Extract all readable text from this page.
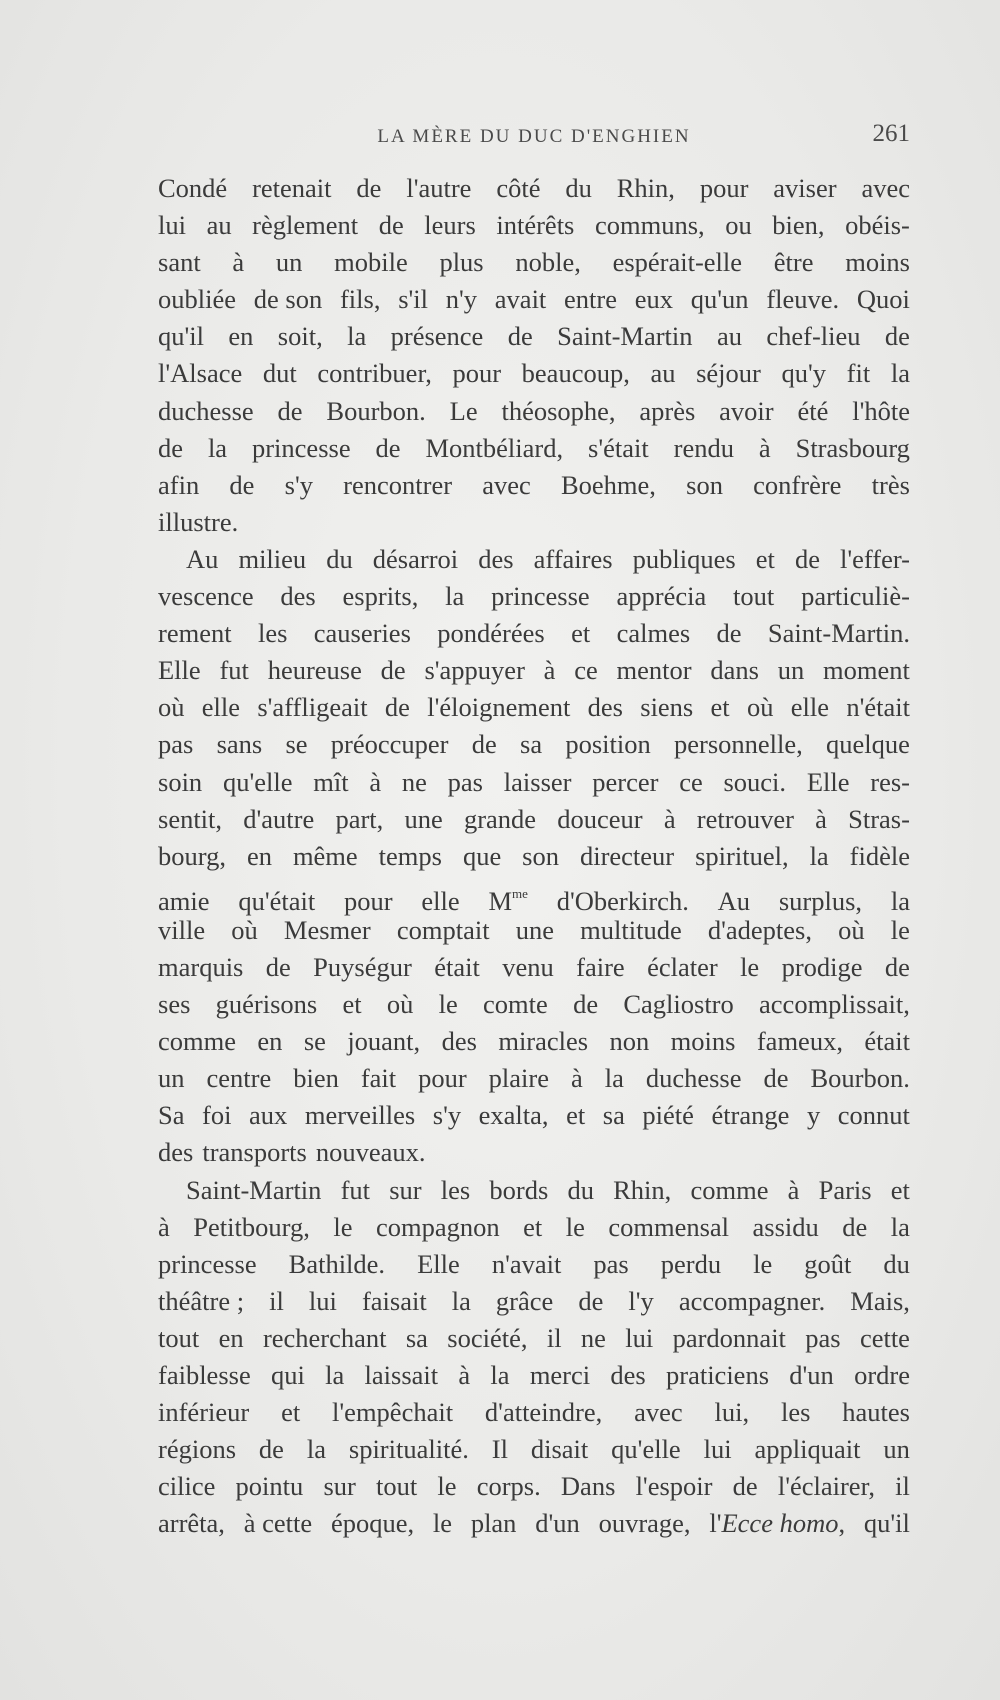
LA MÈRE DU DUC D'ENGHIEN	261
Condé retenait de l'autre côté du Rhin, pour aviser avec
lui au règlement de leurs intérêts communs, ou bien, obéis-
sant à un mobile plus noble, espérait-elle être moins
oubliée de son fils, s'il n'y avait entre eux qu'un fleuve. Quoi
qu'il en soit, la présence de Saint-Martin au chef-lieu de
l'Alsace dut contribuer, pour beaucoup, au séjour qu'y fit la
duchesse de Bourbon. Le théosophe, après avoir été l'hôte
de la princesse de Montbéliard, s'était rendu à Strasbourg
afin de s'y rencontrer avec Boehme, son confrère très
illustre.
Au milieu du désarroi des affaires publiques et de l'effer-
vescence des esprits, la princesse apprécia tout particuliè-
rement les causeries pondérées et calmes de Saint-Martin.
Elle fut heureuse de s'appuyer à ce mentor dans un moment
où elle s'affligeait de l'éloignement des siens et où elle n'était
pas sans se préoccuper de sa position personnelle, quelque
soin qu'elle mît à ne pas laisser percer ce souci. Elle res-
sentit, d'autre part, une grande douceur à retrouver à Stras-
bourg, en même temps que son directeur spirituel, la fidèle
amie qu'était pour elle $M^{me}$ d'Oberkirch. Au surplus, la
ville où Mesmer comptait une multitude d'adeptes, où le
marquis de Puységur était venu faire éclater le prodige de
ses guérisons et où le comte de Cagliostro accomplissait,
comme en se jouant, des miracles non moins fameux, était
un centre bien fait pour plaire à la duchesse de Bourbon.
Sa foi aux merveilles s'y exalta, et sa piété étrange y connut
des transports nouveaux.
Saint-Martin fut sur les bords du Rhin, comme à Paris et
à Petitbourg, le compagnon et le commensal assidu de la
princesse Bathilde. Elle n'avait pas perdu le goût du
théâtre ; il lui faisait la grâce de l'y accompagner. Mais,
tout en recherchant sa société, il ne lui pardonnait pas cette
faiblesse qui la laissait à la merci des praticiens d'un ordre
inférieur et l'empêchait d'atteindre, avec lui, les hautes
régions de la spiritualité. Il disait qu'elle lui appliquait un
cilice pointu sur tout le corps. Dans l'espoir de l'éclairer, il
arrêta, à cette époque, le plan d'un ouvrage, l'Ecce homo, qu'il
